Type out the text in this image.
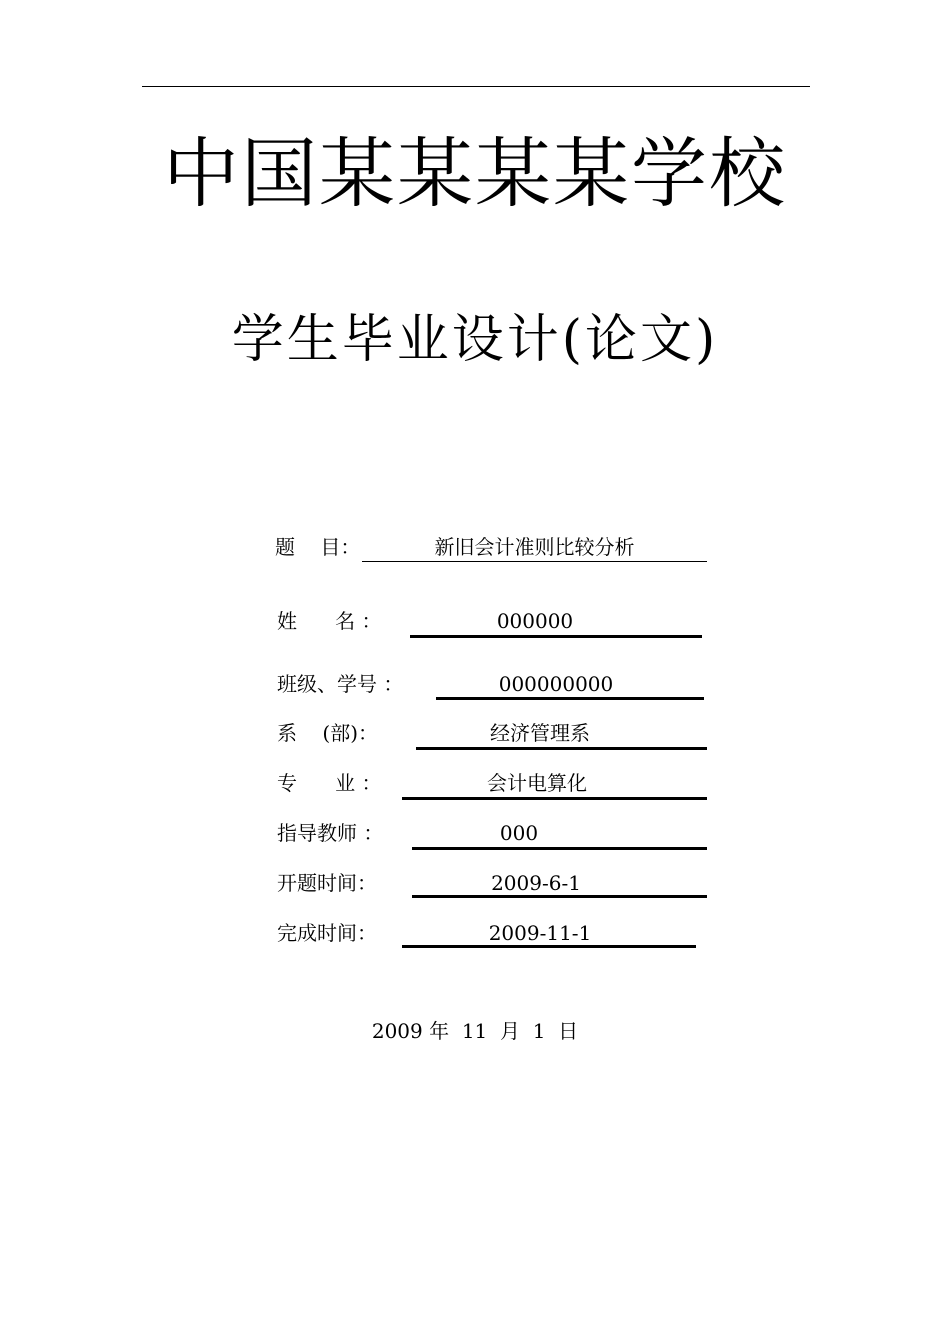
中国某某某某学校
学生毕业设计(论文)
题    目：	新旧会计准则比较分析
姓      名 ：	000000
班级、学号 ：	000000000
系    (部)：	经济管理系
专      业 ：	会计电算化
指导教师 ：	000
开题时间：	2009-6-1
完成时间：	2009-11-1
2009 年  11  月  1  日
